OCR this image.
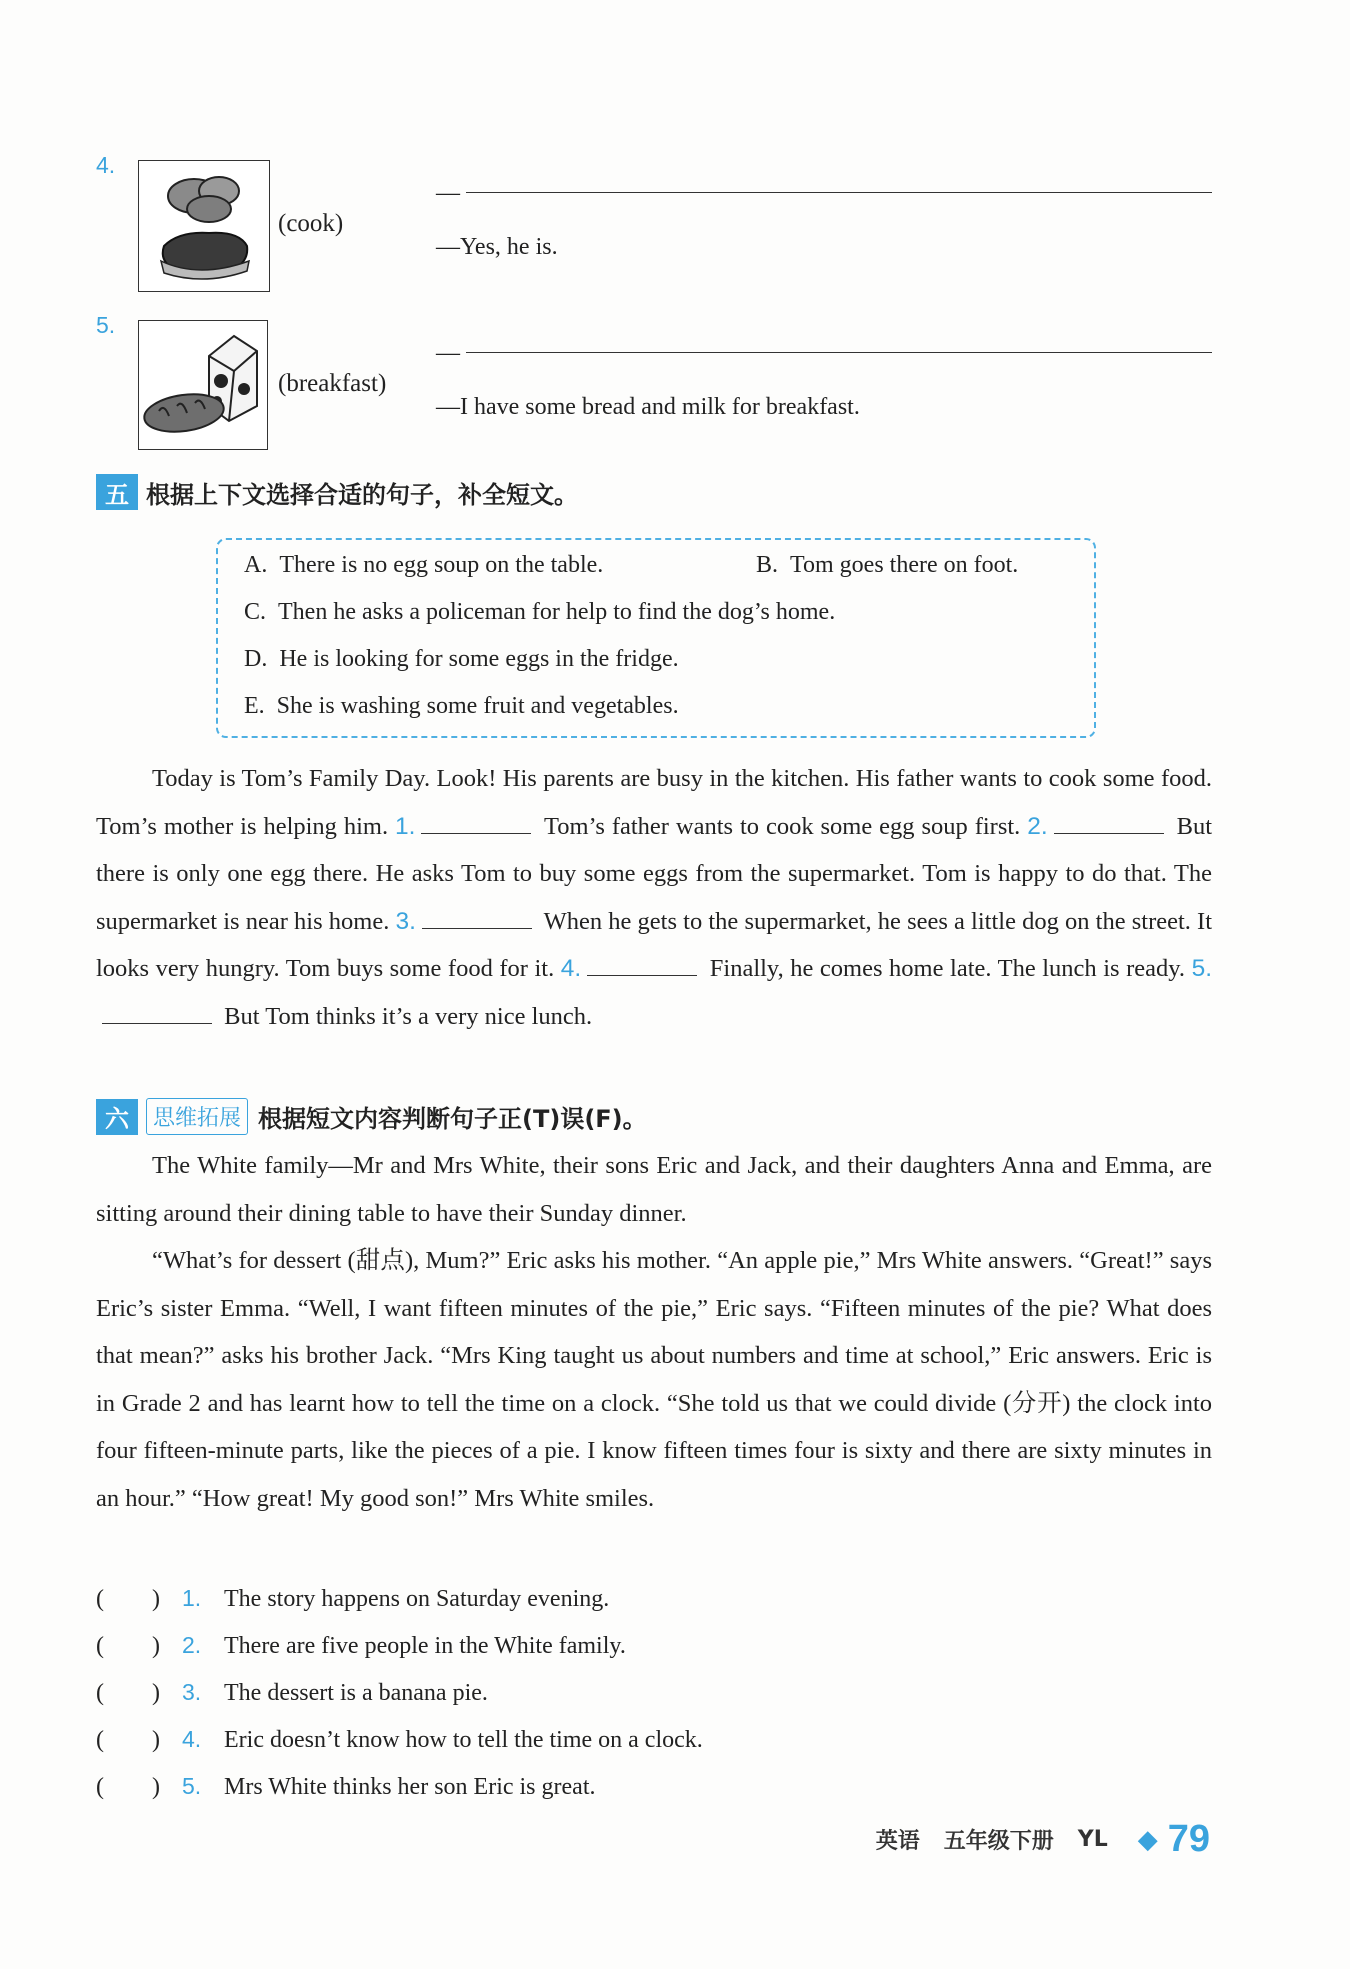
4.
(cook)
—
—Yes, he is.
5.
(breakfast)
—
—I have some bread and milk for breakfast.
五 根据上下文选择合适的句子，补全短文。
A. There is no egg soup on the table.	B. Tom goes there on foot.
C. Then he asks a policeman for help to find the dog’s home.
D. He is looking for some eggs in the fridge.
E. She is washing some fruit and vegetables.
Today is Tom’s Family Day. Look! His parents are busy in the kitchen. His father wants to cook some food. Tom’s mother is helping him. 1.	Tom’s father wants to cook some egg soup first. 2.	But there is only one egg there. He asks Tom to buy some eggs from the supermarket. Tom is happy to do that. The supermarket is near his home. 3.	When he gets to the supermarket, he sees a little dog on the street. It looks very hungry. Tom buys some food for it. 4.	Finally, he comes home late. The lunch is ready. 5. But Tom thinks it’s a very nice lunch.
六	思维拓展 根据短文内容判断句子正(T)误(F)。
The White family—Mr and Mrs White, their sons Eric and Jack, and their daughters Anna and Emma, are sitting around their dining table to have their Sunday dinner.
“What’s for dessert (甜点), Mum?” Eric asks his mother. “An apple pie,” Mrs White answers. “Great!” says Eric’s sister Emma. “Well, I want fifteen minutes of the pie,” Eric says. “Fifteen minutes of the pie? What does that mean?” asks his brother Jack. “Mrs King taught us about numbers and time at school,” Eric answers. Eric is in Grade 2 and has learnt how to tell the time on a clock. “She told us that we could divide (分开) the clock into four fifteen-minute parts, like the pieces of a pie. I know fifteen times four is sixty and there are sixty minutes in an hour.” “How great! My good son!” Mrs White smiles.
(　　) 1. The story happens on Saturday evening.
(　　) 2. There are five people in the White family.
(　　) 3. The dessert is a banana pie.
(　　) 4. Eric doesn’t know how to tell the time on a clock.
(　　) 5. Mrs White thinks her son Eric is great.
英语 五年级下册 YL ◆ 79
